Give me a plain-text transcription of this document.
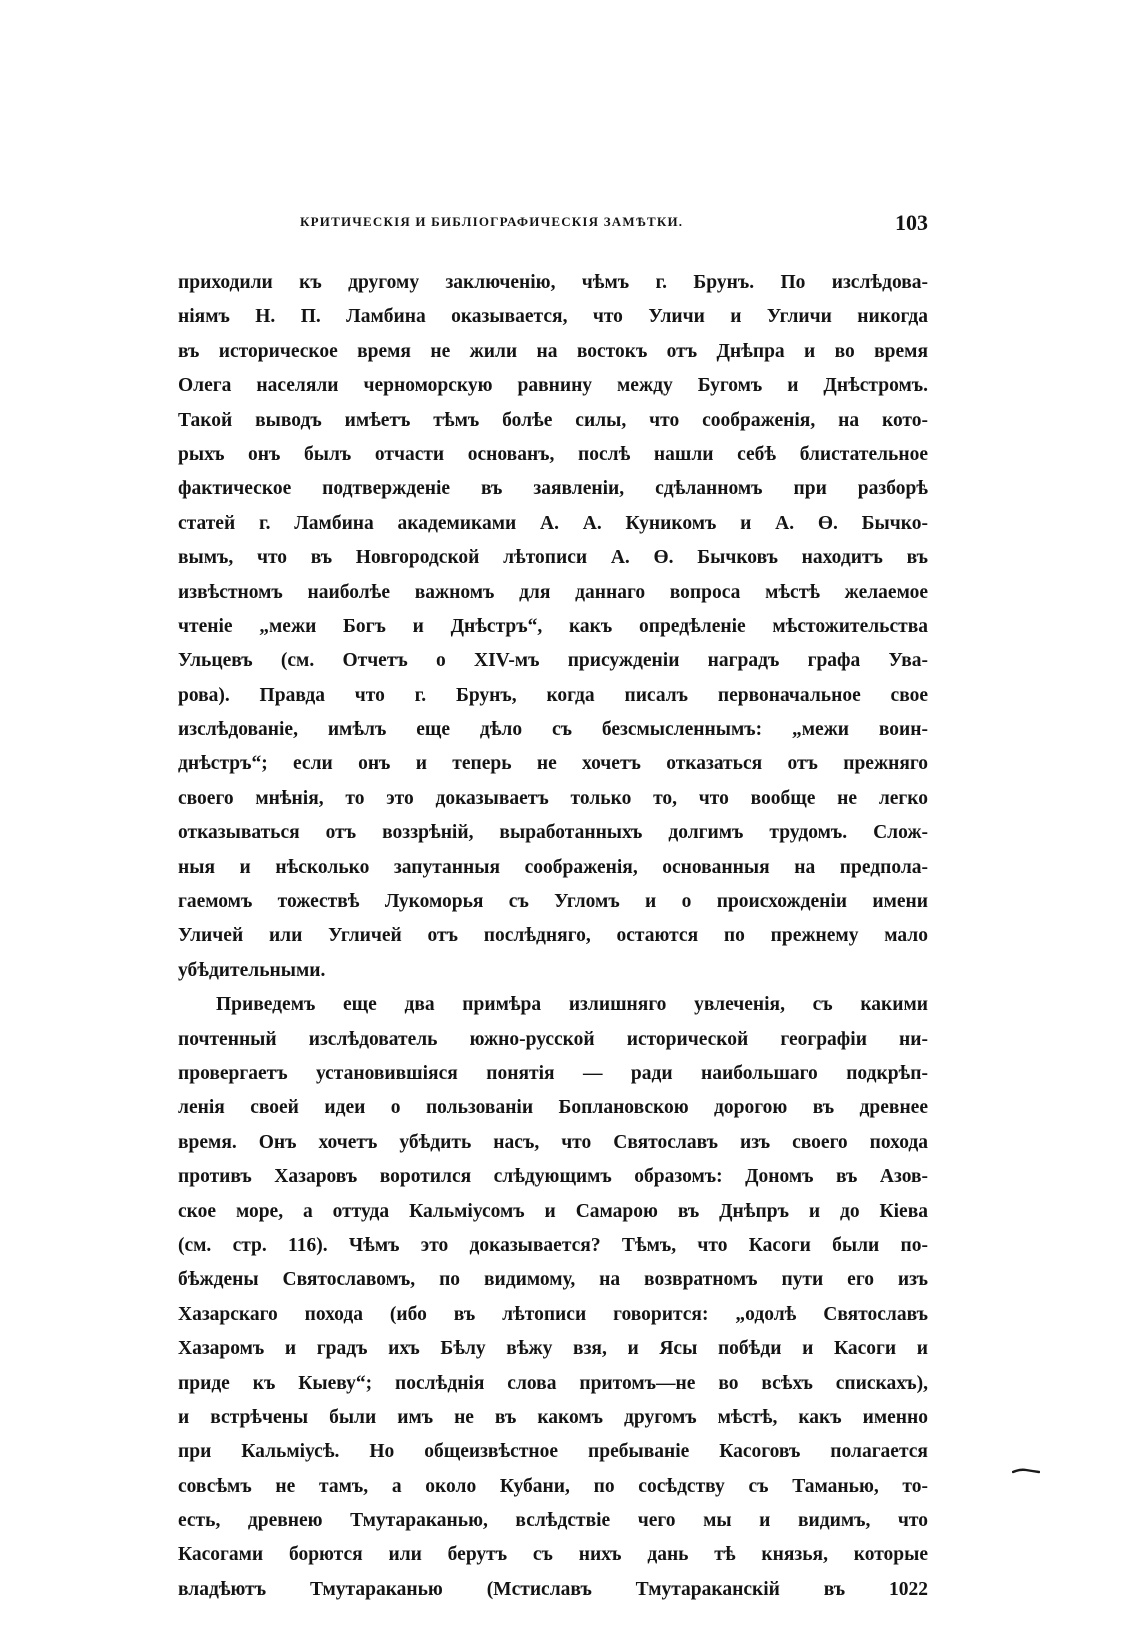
КРИТИЧЕСКІЯ И БИБЛІОГРАФИЧЕСКІЯ ЗАМѢТКИ.	103
приходили къ другому заключенію, чѣмъ г. Брунъ. По изслѣдова-
ніямъ Н. П. Ламбина оказывается, что Уличи и Угличи никогда
въ историческое время не жили на востокъ отъ Днѣпра и во время
Олега населяли черноморскую равнину между Бугомъ и Днѣстромъ.
Такой выводъ имѣетъ тѣмъ болѣе силы, что соображенія, на кото-
рыхъ онъ былъ отчасти основанъ, послѣ нашли себѣ блистательное
фактическое подтвержденіе въ заявленіи, сдѣланномъ при разборѣ
статей г. Ламбина академиками А. А. Куникомъ и А. Ө. Бычко-
вымъ, что въ Новгородской лѣтописи А. Ө. Бычковъ находитъ въ
извѣстномъ наиболѣе важномъ для даннаго вопроса мѣстѣ желаемое
чтеніе „межи Богъ и Днѣстръ“, какъ опредѣленіе мѣстожительства
Ульцевъ (см. Отчетъ о XIV-мъ присужденіи наградъ графа Ува-
рова). Правда что г. Брунъ, когда писалъ первоначальное свое
изслѣдованіе, имѣлъ еще дѣло съ безсмысленнымъ: „межи воин-
днѣстръ“; если онъ и теперь не хочетъ отказаться отъ прежняго
своего мнѣнія, то это доказываетъ только то, что вообще не легко
отказываться отъ воззрѣній, выработанныхъ долгимъ трудомъ. Слож-
ныя и нѣсколько запутанныя соображенія, основанныя на предпола-
гаемомъ тожествѣ Лукоморья съ Угломъ и о происхожденіи имени
Уличей или Угличей отъ послѣдняго, остаются по прежнему мало
убѣдительными.
Приведемъ еще два примѣра излишняго увлеченія, съ какими
почтенный изслѣдователь южно-русской исторической географіи ни-
провергаетъ установившіяся понятія — ради наибольшаго подкрѣп-
ленія своей идеи о пользованіи Боплановскою дорогою въ древнее
время. Онъ хочетъ убѣдить насъ, что Святославъ изъ своего похода
противъ Хазаровъ воротился слѣдующимъ образомъ: Дономъ въ Азов-
ское море, а оттуда Кальміусомъ и Самарою въ Днѣпръ и до Кіева
(см. стр. 116). Чѣмъ это доказывается? Тѣмъ, что Касоги были по-
бѣждены Святославомъ, по видимому, на возвратномъ пути его изъ
Хазарскаго похода (ибо въ лѣтописи говорится: „одолѣ Святославъ
Хазаромъ и градъ ихъ Бѣлу вѣжу взя, и Ясы побѣди и Касоги и
приде къ Кыеву“; послѣднія слова притомъ—не во всѣхъ спискахъ),
и встрѣчены были имъ не въ какомъ другомъ мѣстѣ, какъ именно
при Кальміусѣ. Но общеизвѣстное пребываніе Касоговъ полагается
совсѣмъ не тамъ, а около Кубани, по сосѣдству съ Таманью, то-
есть, древнею Тмутараканью, вслѣдствіе чего мы и видимъ, что
Касогами борются или берутъ съ нихъ дань тѣ князья, которые
владѣютъ Тмутараканью (Мстиславъ Тмутараканскій въ 1022
